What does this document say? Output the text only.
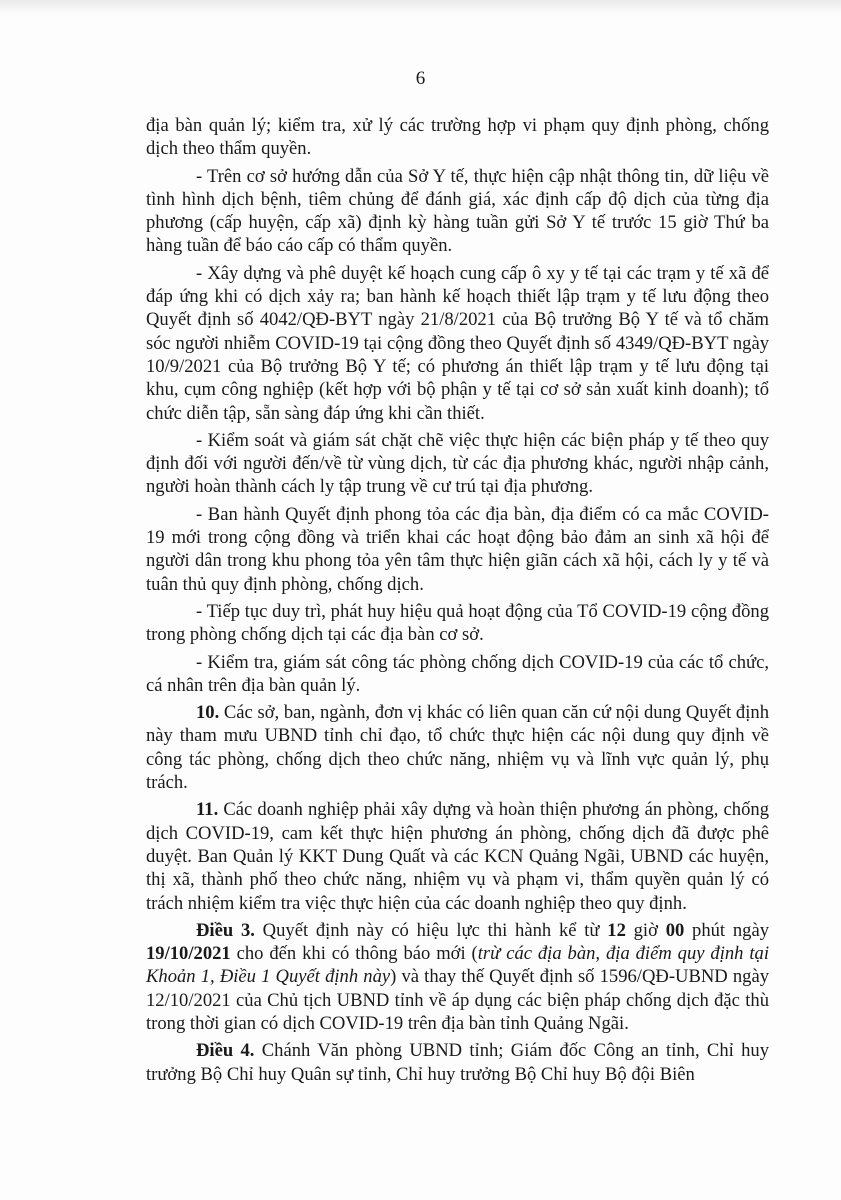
6

địa bàn quản lý; kiểm tra, xử lý các trường hợp vi phạm quy định phòng, chống dịch theo thẩm quyền.

- Trên cơ sở hướng dẫn của Sở Y tế, thực hiện cập nhật thông tin, dữ liệu về tình hình dịch bệnh, tiêm chủng để đánh giá, xác định cấp độ dịch của từng địa phương (cấp huyện, cấp xã) định kỳ hàng tuần gửi Sở Y tế trước 15 giờ Thứ ba hàng tuần để báo cáo cấp có thẩm quyền.

- Xây dựng và phê duyệt kế hoạch cung cấp ô xy y tế tại các trạm y tế xã để đáp ứng khi có dịch xảy ra; ban hành kế hoạch thiết lập trạm y tế lưu động theo Quyết định số 4042/QĐ-BYT ngày 21/8/2021 của Bộ trưởng Bộ Y tế và tổ chăm sóc người nhiễm COVID-19 tại cộng đồng theo Quyết định số 4349/QĐ-BYT ngày 10/9/2021 của Bộ trưởng Bộ Y tế; có phương án thiết lập trạm y tế lưu động tại khu, cụm công nghiệp (kết hợp với bộ phận y tế tại cơ sở sản xuất kinh doanh); tổ chức diễn tập, sẵn sàng đáp ứng khi cần thiết.

- Kiểm soát và giám sát chặt chẽ việc thực hiện các biện pháp y tế theo quy định đối với người đến/về từ vùng dịch, từ các địa phương khác, người nhập cảnh, người hoàn thành cách ly tập trung về cư trú tại địa phương.

- Ban hành Quyết định phong tỏa các địa bàn, địa điểm có ca mắc COVID-19 mới trong cộng đồng và triển khai các hoạt động bảo đảm an sinh xã hội để người dân trong khu phong tỏa yên tâm thực hiện giãn cách xã hội, cách ly y tế và tuân thủ quy định phòng, chống dịch.

- Tiếp tục duy trì, phát huy hiệu quả hoạt động của Tổ COVID-19 cộng đồng trong phòng chống dịch tại các địa bàn cơ sở.

- Kiểm tra, giám sát công tác phòng chống dịch COVID-19 của các tổ chức, cá nhân trên địa bàn quản lý.

10. Các sở, ban, ngành, đơn vị khác có liên quan căn cứ nội dung Quyết định này tham mưu UBND tỉnh chỉ đạo, tổ chức thực hiện các nội dung quy định về công tác phòng, chống dịch theo chức năng, nhiệm vụ và lĩnh vực quản lý, phụ trách.

11. Các doanh nghiệp phải xây dựng và hoàn thiện phương án phòng, chống dịch COVID-19, cam kết thực hiện phương án phòng, chống dịch đã được phê duyệt. Ban Quản lý KKT Dung Quất và các KCN Quảng Ngãi, UBND các huyện, thị xã, thành phố theo chức năng, nhiệm vụ và phạm vi, thẩm quyền quản lý có trách nhiệm kiểm tra việc thực hiện của các doanh nghiệp theo quy định.

Điều 3. Quyết định này có hiệu lực thi hành kể từ 12 giờ 00 phút ngày 19/10/2021 cho đến khi có thông báo mới (trừ các địa bàn, địa điểm quy định tại Khoản 1, Điều 1 Quyết định này) và thay thế Quyết định số 1596/QĐ-UBND ngày 12/10/2021 của Chủ tịch UBND tỉnh về áp dụng các biện pháp chống dịch đặc thù trong thời gian có dịch COVID-19 trên địa bàn tỉnh Quảng Ngãi.

Điều 4. Chánh Văn phòng UBND tỉnh; Giám đốc Công an tỉnh, Chỉ huy trưởng Bộ Chỉ huy Quân sự tỉnh, Chỉ huy trưởng Bộ Chỉ huy Bộ đội Biên
